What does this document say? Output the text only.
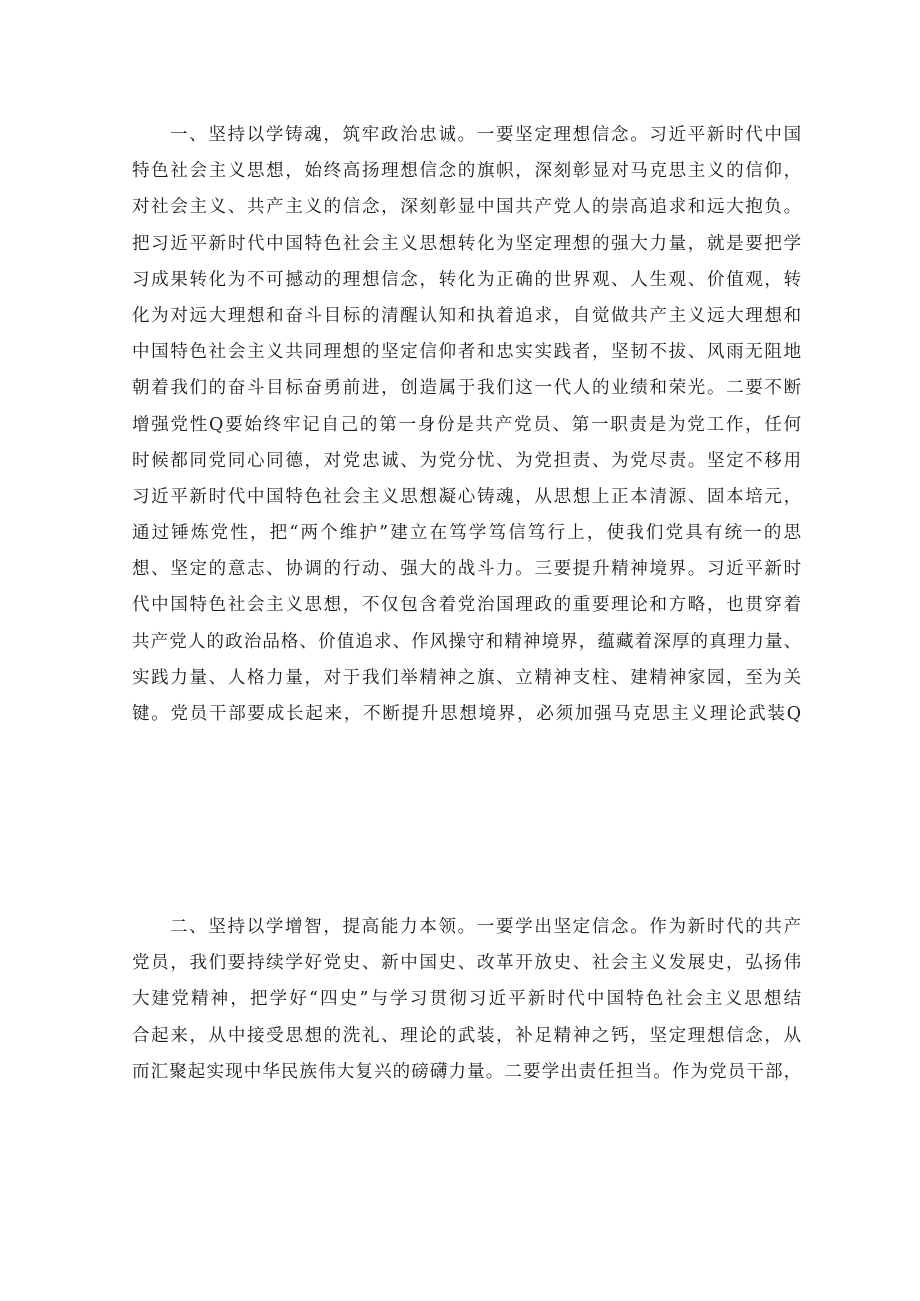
一、坚持以学铸魂，筑牢政治忠诚。一要坚定理想信念。习近平新时代中国
特色社会主义思想，始终高扬理想信念的旗帜，深刻彰显对马克思主义的信仰，
对社会主义、共产主义的信念，深刻彰显中国共产党人的崇高追求和远大抱负。
把习近平新时代中国特色社会主义思想转化为坚定理想的强大力量，就是要把学
习成果转化为不可撼动的理想信念，转化为正确的世界观、人生观、价值观，转
化为对远大理想和奋斗目标的清醒认知和执着追求，自觉做共产主义远大理想和
中国特色社会主义共同理想的坚定信仰者和忠实实践者，坚韧不拔、风雨无阻地
朝着我们的奋斗目标奋勇前进，创造属于我们这一代人的业绩和荣光。二要不断
增强党性Q要始终牢记自己的第一身份是共产党员、第一职责是为党工作，任何
时候都同党同心同德，对党忠诚、为党分忧、为党担责、为党尽责。坚定不移用
习近平新时代中国特色社会主义思想凝心铸魂，从思想上正本清源、固本培元，
通过锤炼党性，把“两个维护”建立在笃学笃信笃行上，使我们党具有统一的思
想、坚定的意志、协调的行动、强大的战斗力。三要提升精神境界。习近平新时
代中国特色社会主义思想，不仅包含着党治国理政的重要理论和方略，也贯穿着
共产党人的政治品格、价值追求、作风操守和精神境界，蕴藏着深厚的真理力量、
实践力量、人格力量，对于我们举精神之旗、立精神支柱、建精神家园，至为关
键。党员干部要成长起来，不断提升思想境界，必须加强马克思主义理论武装Q
二、坚持以学增智，提高能力本领。一要学出坚定信念。作为新时代的共产
党员，我们要持续学好党史、新中国史、改革开放史、社会主义发展史，弘扬伟
大建党精神，把学好“四史”与学习贯彻习近平新时代中国特色社会主义思想结
合起来，从中接受思想的洗礼、理论的武装，补足精神之钙，坚定理想信念，从
而汇聚起实现中华民族伟大复兴的磅礴力量。二要学出责任担当。作为党员干部，
